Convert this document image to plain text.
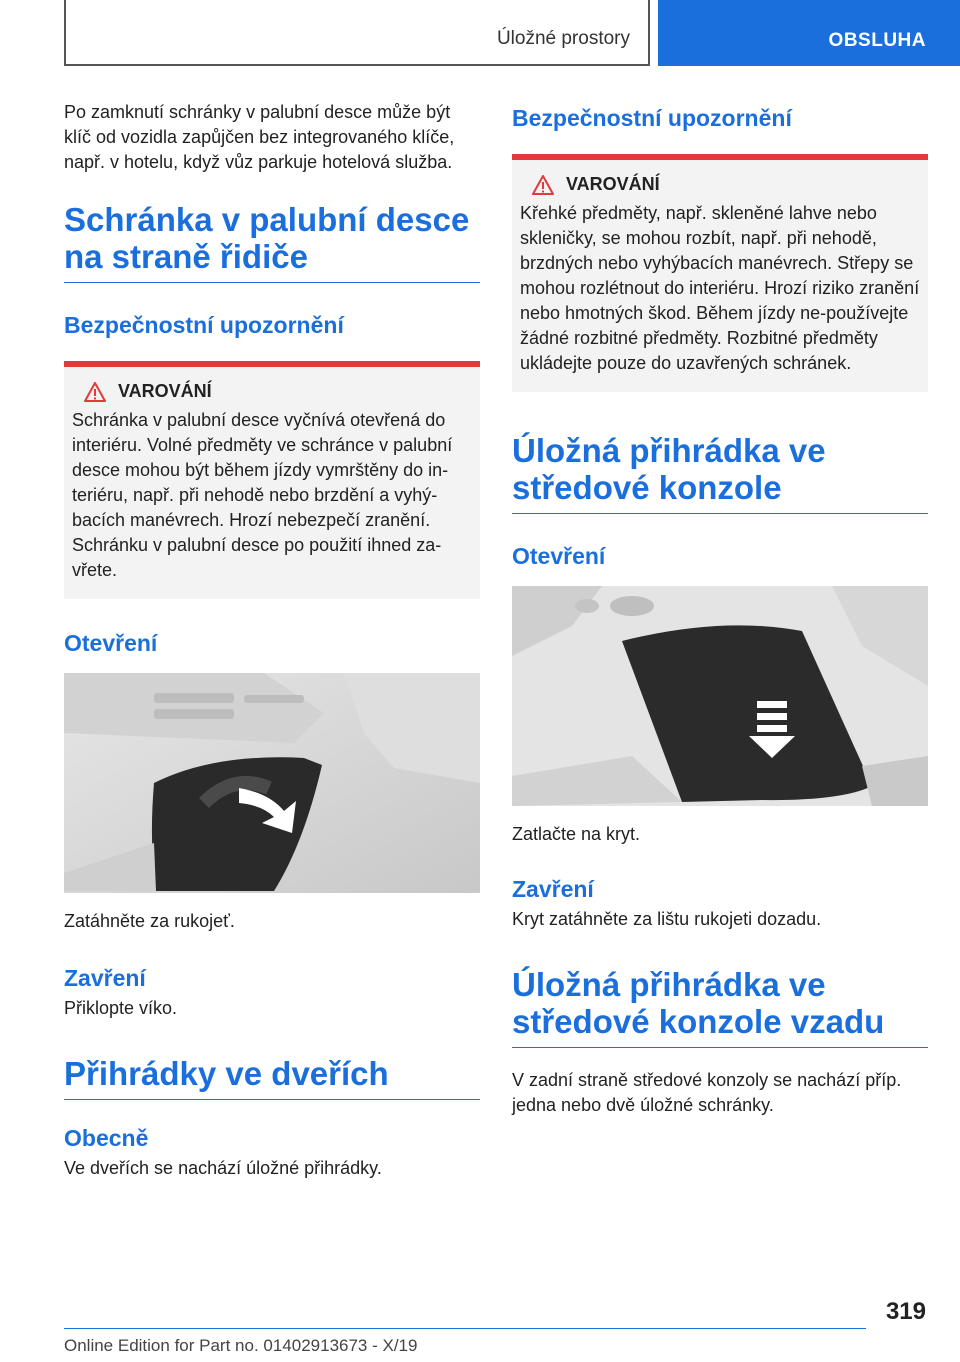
Úložné prostory	OBSLUHA

Po zamknutí schránky v palubní desce může být klíč od vozidla zapůjčen bez integrovaného klíče, např. v hotelu, když vůz parkuje hotelová služba.

Schránka v palubní desce na straně řidiče
Bezpečnostní upozornění
VAROVÁNÍ

Schránka v palubní desce vyčnívá otevřená do interiéru. Volné předměty ve schránce v palubní desce mohou být během jízdy vymrštěny do in-teriéru, např. při nehodě nebo brzdění a vyhý-bacích manévrech. Hrozí nebezpečí zranění. Schránku v palubní desce po použití ihned za-vřete.

Otevření

Zatáhněte za rukojeť.

Zavření

Přiklopte víko.

Přihrádky ve dveřích
Obecně

Ve dveřích se nachází úložné přihrádky.

Bezpečnostní upozornění
VAROVÁNÍ

Křehké předměty, např. skleněné lahve nebo skleničky, se mohou rozbít, např. při nehodě, brzdných nebo vyhýbacích manévrech. Střepy se mohou rozlétnout do interiéru. Hrozí riziko zranění nebo hmotných škod. Během jízdy ne-používejte žádné rozbitné předměty. Rozbitné předměty ukládejte pouze do uzavřených schránek.

Úložná přihrádka ve středové konzole
Otevření

Zatlačte na kryt.

Zavření

Kryt zatáhněte za lištu rukojeti dozadu.

Úložná přihrádka ve středové konzole vzadu

V zadní straně středové konzoly se nachází příp. jedna nebo dvě úložné schránky.

319
Online Edition for Part no. 01402913673 - X/19
